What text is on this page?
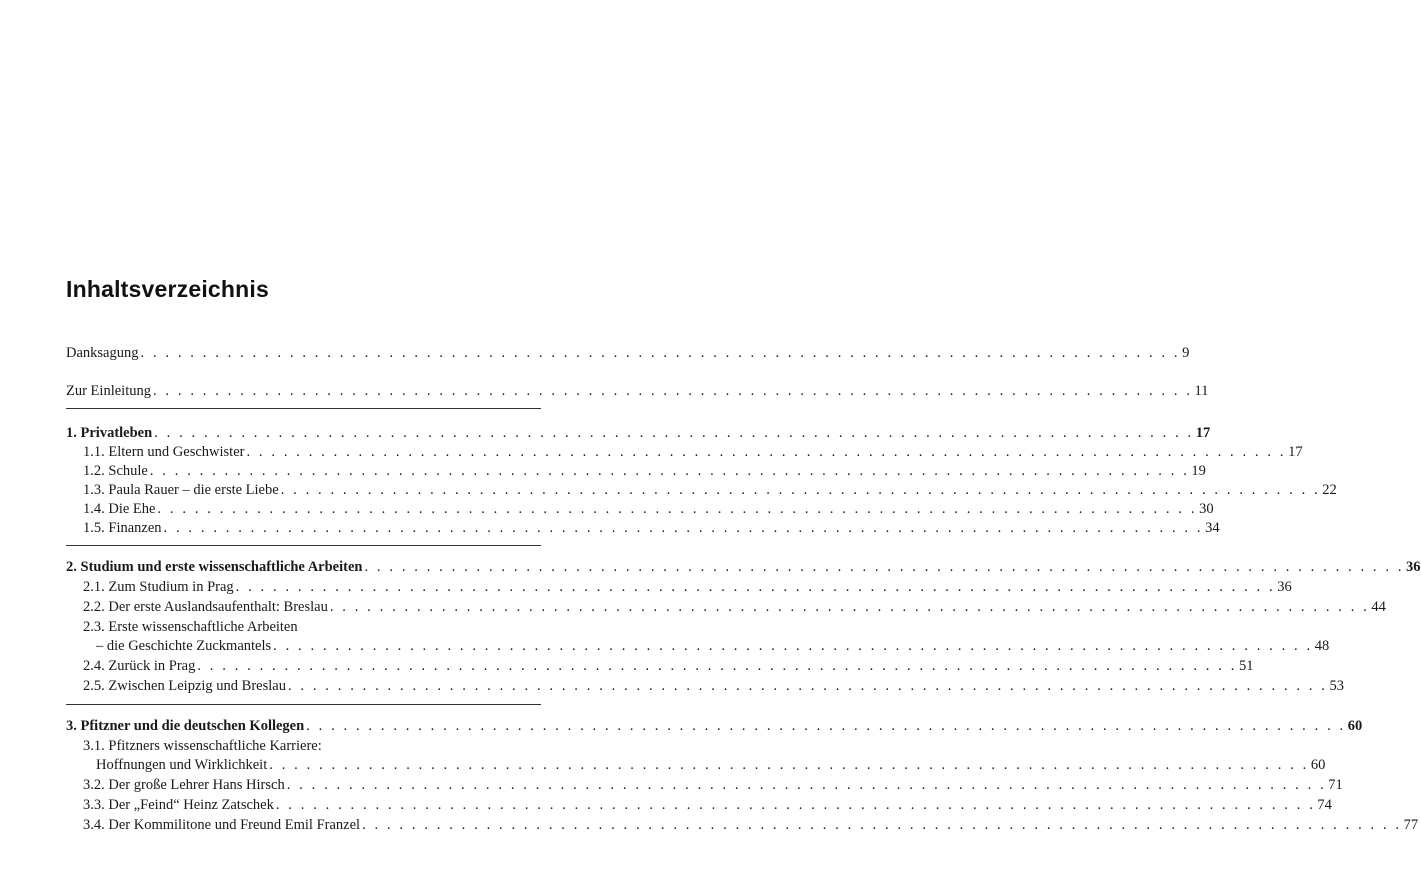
Inhaltsverzeichnis
Danksagung . . . . . . . . . . . . . . . . . . . . . . . . . . . . . . . . . . . . . . . . . . . . . . . . . . . . . . . . . . . . . . . . . . . . . . . . . . . . . . . . . . . . 9
Zur Einleitung . . . . . . . . . . . . . . . . . . . . . . . . . . . . . . . . . . . . . . . . . . . . . . . . . . . . . . . . . . . . . . . . . . . . . . . . . . . . . . . . . . . . 11
1. Privatleben . . . . . . . . . . . . . . . . . . . . . . . . . . . . . . . . . . . . . . . . . . . . . . . . . . . . . . . . . . . . . . . . . . . . . . . . . . . . . . . . . . . . 17
1.1. Eltern und Geschwister . . . . . . . . . . . . . . . . . . . . . . . . . . . . . . . . . . . . . . . . . . . . . . . . . . . . . . . . . . . . . . . . . . . . . . . . . . . . . . . . . . . . 17
1.2. Schule . . . . . . . . . . . . . . . . . . . . . . . . . . . . . . . . . . . . . . . . . . . . . . . . . . . . . . . . . . . . . . . . . . . . . . . . . . . . . . . . . . . . 19
1.3. Paula Rauer – die erste Liebe . . . . . . . . . . . . . . . . . . . . . . . . . . . . . . . . . . . . . . . . . . . . . . . . . . . . . . . . . . . . . . . . . . . . . . . . . . . . . . . . . . . . 22
1.4. Die Ehe . . . . . . . . . . . . . . . . . . . . . . . . . . . . . . . . . . . . . . . . . . . . . . . . . . . . . . . . . . . . . . . . . . . . . . . . . . . . . . . . . . . . 30
1.5. Finanzen . . . . . . . . . . . . . . . . . . . . . . . . . . . . . . . . . . . . . . . . . . . . . . . . . . . . . . . . . . . . . . . . . . . . . . . . . . . . . . . . . . . . 34
2. Studium und erste wissenschaftliche Arbeiten . . . . . . . . . . . . . . . . . . . . . . . . . . . . . . . . . . . . . . . . . . . . . . . . . . . . . . . . . . . . . . . . . . . . . . . . . . . . . . . . . . . . 36
2.1. Zum Studium in Prag . . . . . . . . . . . . . . . . . . . . . . . . . . . . . . . . . . . . . . . . . . . . . . . . . . . . . . . . . . . . . . . . . . . . . . . . . . . . . . . . . . . . 36
2.2. Der erste Auslandsaufenthalt: Breslau . . . . . . . . . . . . . . . . . . . . . . . . . . . . . . . . . . . . . . . . . . . . . . . . . . . . . . . . . . . . . . . . . . . . . . . . . . . . . . . . . . . . 44
2.3. Erste wissenschaftliche Arbeiten
– die Geschichte Zuckmantels . . . . . . . . . . . . . . . . . . . . . . . . . . . . . . . . . . . . . . . . . . . . . . . . . . . . . . . . . . . . . . . . . . . . . . . . . . . . . . . . . . . . 48
2.4. Zurück in Prag . . . . . . . . . . . . . . . . . . . . . . . . . . . . . . . . . . . . . . . . . . . . . . . . . . . . . . . . . . . . . . . . . . . . . . . . . . . . . . . . . . . . 51
2.5. Zwischen Leipzig und Breslau . . . . . . . . . . . . . . . . . . . . . . . . . . . . . . . . . . . . . . . . . . . . . . . . . . . . . . . . . . . . . . . . . . . . . . . . . . . . . . . . . . . . 53
3. Pfitzner und die deutschen Kollegen . . . . . . . . . . . . . . . . . . . . . . . . . . . . . . . . . . . . . . . . . . . . . . . . . . . . . . . . . . . . . . . . . . . . . . . . . . . . . . . . . . . . 60
3.1. Pfitzners wissenschaftliche Karriere:
Hoffnungen und Wirklichkeit . . . . . . . . . . . . . . . . . . . . . . . . . . . . . . . . . . . . . . . . . . . . . . . . . . . . . . . . . . . . . . . . . . . . . . . . . . . . . . . . . . . . 60
3.2. Der große Lehrer Hans Hirsch . . . . . . . . . . . . . . . . . . . . . . . . . . . . . . . . . . . . . . . . . . . . . . . . . . . . . . . . . . . . . . . . . . . . . . . . . . . . . . . . . . . . 71
3.3. Der „Feind“ Heinz Zatschek . . . . . . . . . . . . . . . . . . . . . . . . . . . . . . . . . . . . . . . . . . . . . . . . . . . . . . . . . . . . . . . . . . . . . . . . . . . . . . . . . . . . 74
3.4. Der Kommilitone und Freund Emil Franzel . . . . . . . . . . . . . . . . . . . . . . . . . . . . . . . . . . . . . . . . . . . . . . . . . . . . . . . . . . . . . . . . . . . . . . . . . . . . . . . . . . . . 77
